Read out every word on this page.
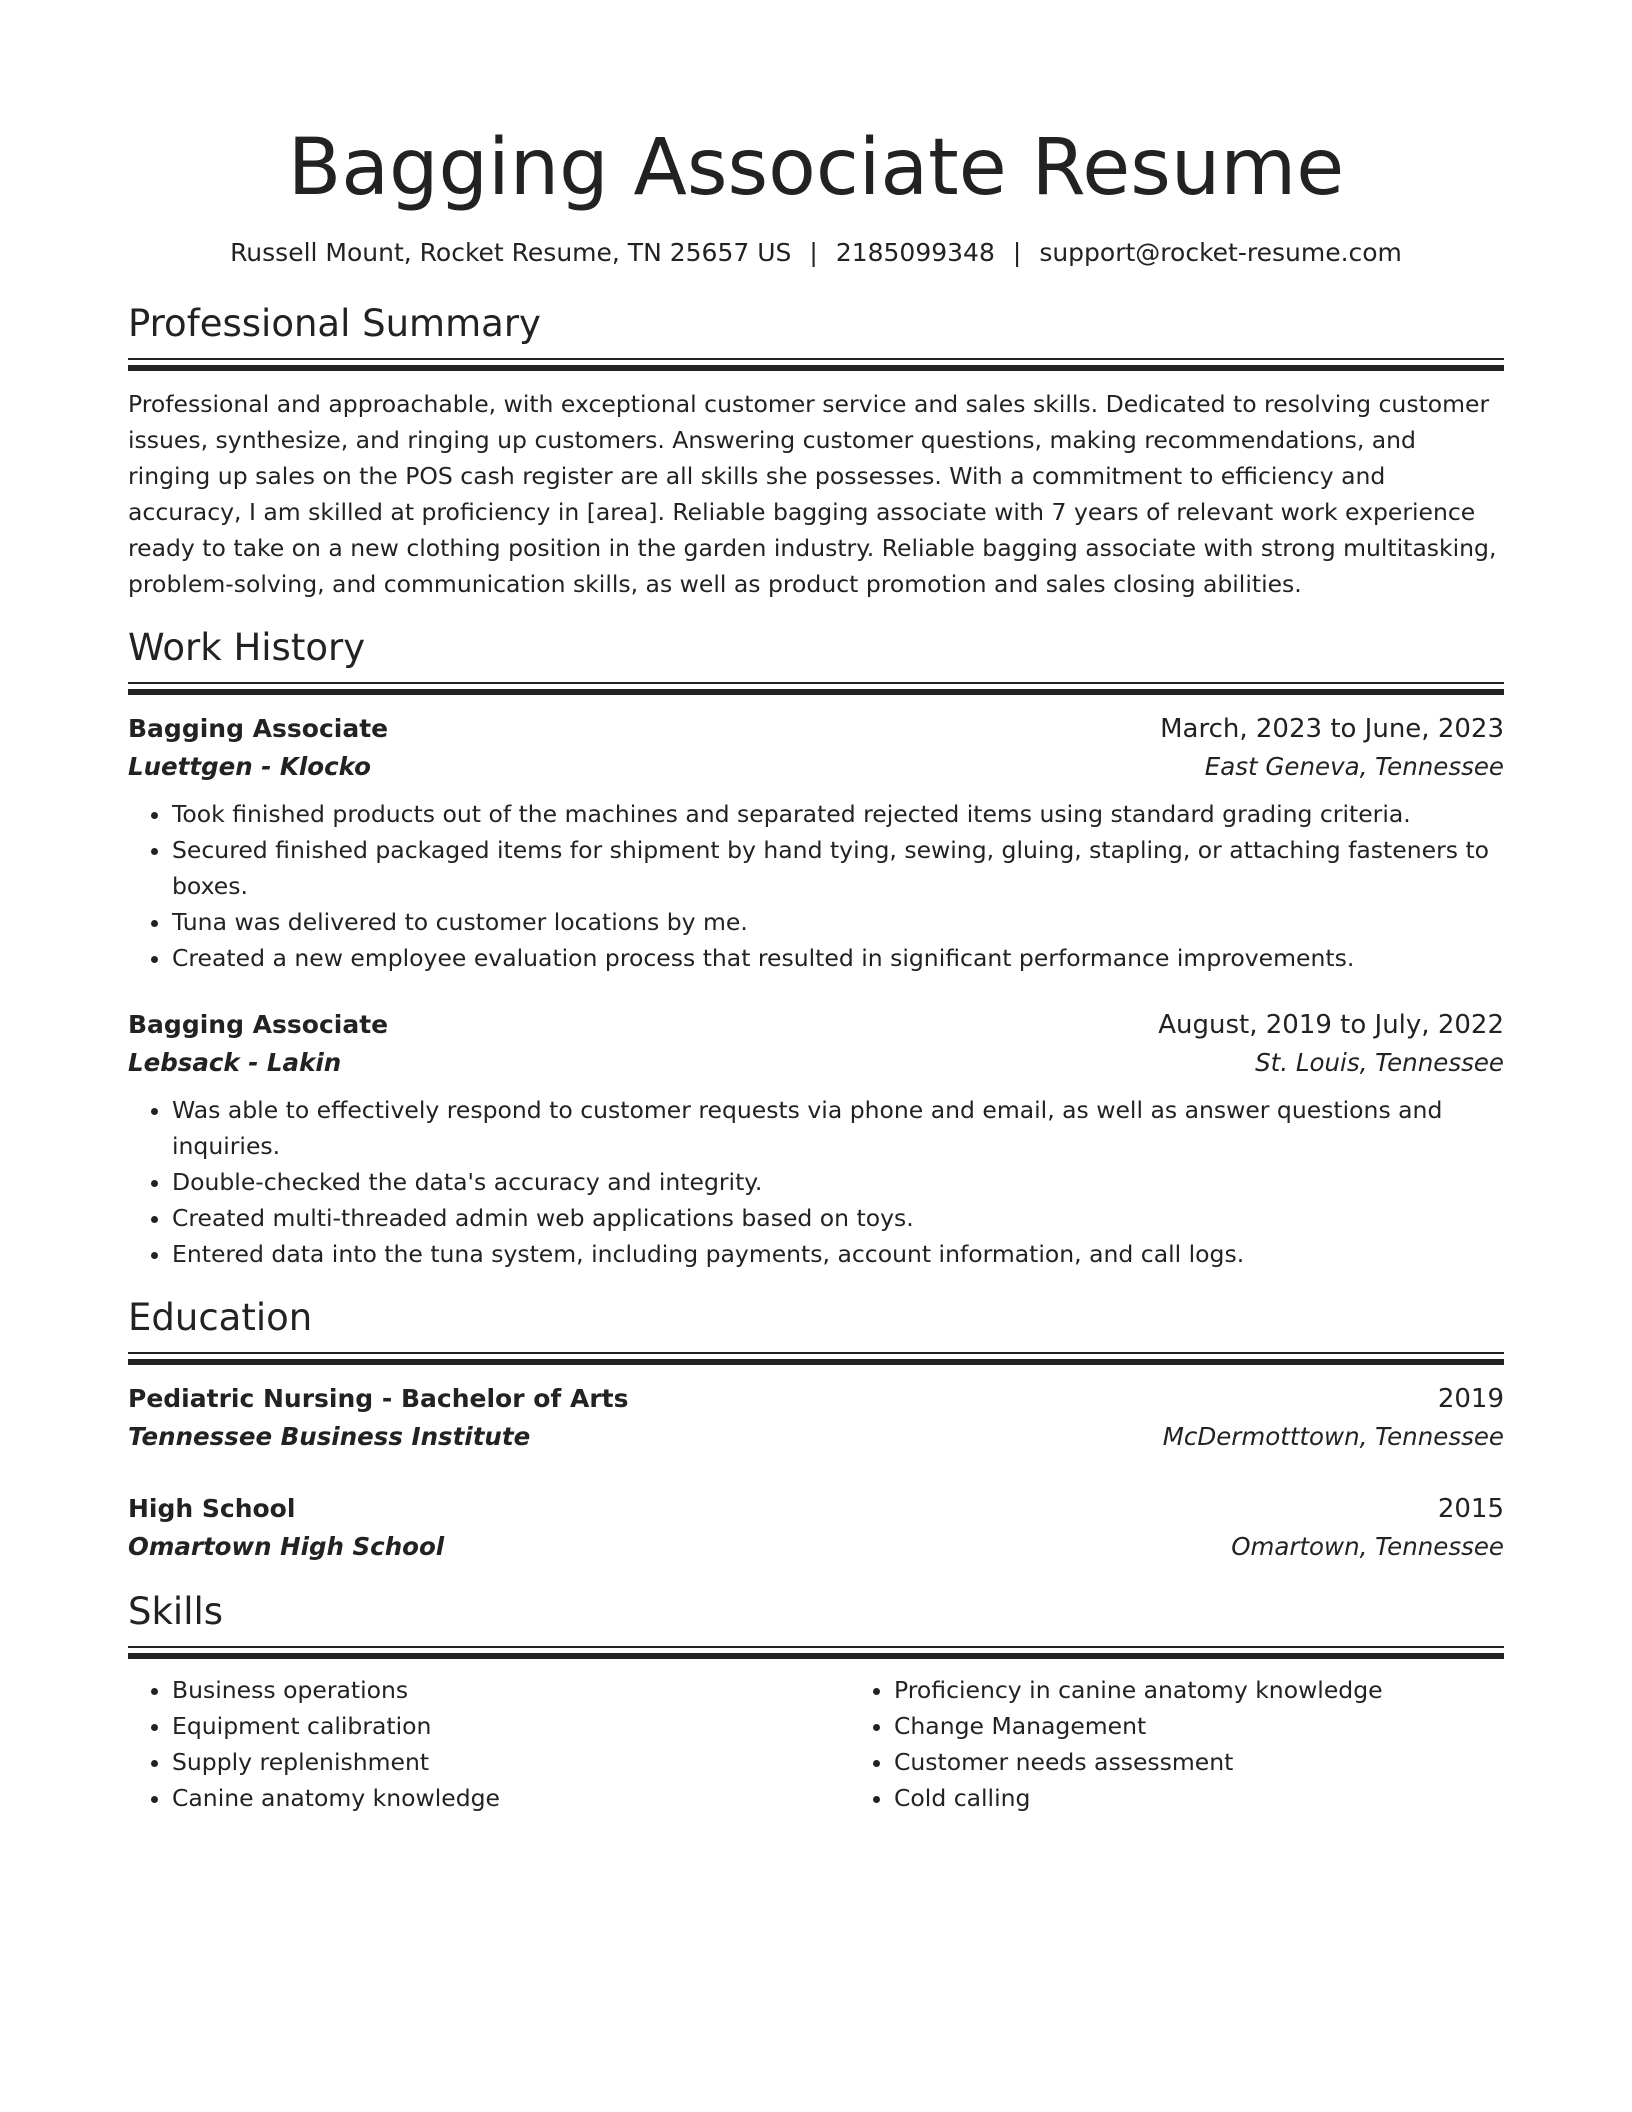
Bagging Associate Resume
Russell Mount, Rocket Resume, TN 25657 US | 2185099348 | support@rocket-resume.com
Professional Summary
Professional and approachable, with exceptional customer service and sales skills. Dedicated to resolving customer issues, synthesize, and ringing up customers. Answering customer questions, making recommendations, and ringing up sales on the POS cash register are all skills she possesses. With a commitment to efficiency and accuracy, I am skilled at proficiency in [area]. Reliable bagging associate with 7 years of relevant work experience ready to take on a new clothing position in the garden industry. Reliable bagging associate with strong multitasking, problem-solving, and communication skills, as well as product promotion and sales closing abilities.
Work History
Bagging Associate	March, 2023 to June, 2023
Luettgen - Klocko	East Geneva, Tennessee
• Took finished products out of the machines and separated rejected items using standard grading criteria.
• Secured finished packaged items for shipment by hand tying, sewing, gluing, stapling, or attaching fasteners to boxes.
• Tuna was delivered to customer locations by me.
• Created a new employee evaluation process that resulted in significant performance improvements.
Bagging Associate	August, 2019 to July, 2022
Lebsack - Lakin	St. Louis, Tennessee
• Was able to effectively respond to customer requests via phone and email, as well as answer questions and inquiries.
• Double-checked the data's accuracy and integrity.
• Created multi-threaded admin web applications based on toys.
• Entered data into the tuna system, including payments, account information, and call logs.
Education
Pediatric Nursing - Bachelor of Arts	2019
Tennessee Business Institute	McDermotttown, Tennessee
High School	2015
Omartown High School	Omartown, Tennessee
Skills
• Business operations
• Equipment calibration
• Supply replenishment
• Canine anatomy knowledge
• Proficiency in canine anatomy knowledge
• Change Management
• Customer needs assessment
• Cold calling
